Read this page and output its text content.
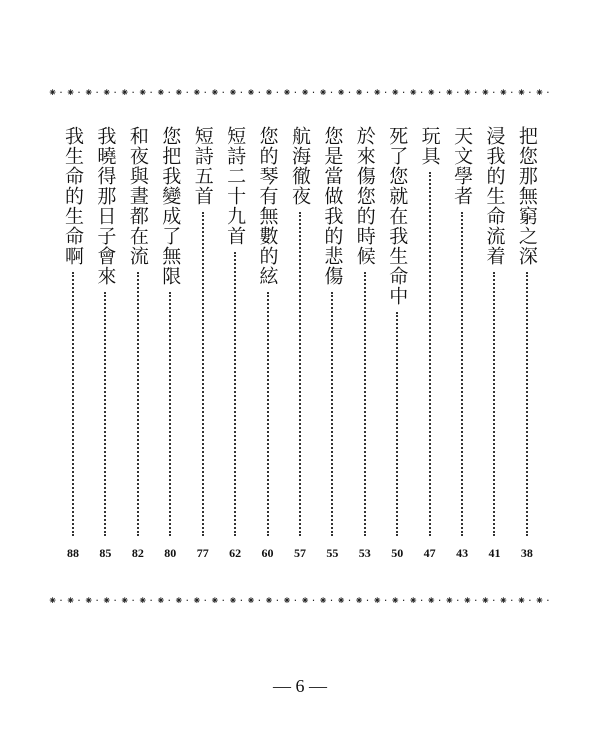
⁕ · ⁕ · ⁕ · ⁕ · ⁕ · ⁕ · ⁕ · ⁕ · ⁕ · ⁕ · ⁕ · ⁕ · ⁕ · ⁕ · ⁕ · ⁕ · ⁕ · ⁕ · ⁕ · ⁕ · ⁕ · ⁕ · ⁕ · ⁕ · ⁕ · ⁕ · ⁕ · ⁕ ·
把您那無窮之深
38
浸我的生命流着
41
天文學者
43
玩具
47
死了您就在我生命中
50
於來傷您的時候
53
您是當做我的悲傷
55
航海徹夜
57
您的琴有無數的絃
60
短詩二十九首
62
短詩五首
77
您把我變成了無限
80
和夜與晝都在流
82
我曉得那日子會來
85
我生命的生命啊
88
⁕ · ⁕ · ⁕ · ⁕ · ⁕ · ⁕ · ⁕ · ⁕ · ⁕ · ⁕ · ⁕ · ⁕ · ⁕ · ⁕ · ⁕ · ⁕ · ⁕ · ⁕ · ⁕ · ⁕ · ⁕ · ⁕ · ⁕ · ⁕ · ⁕ · ⁕ · ⁕ · ⁕ ·
— 6 —
